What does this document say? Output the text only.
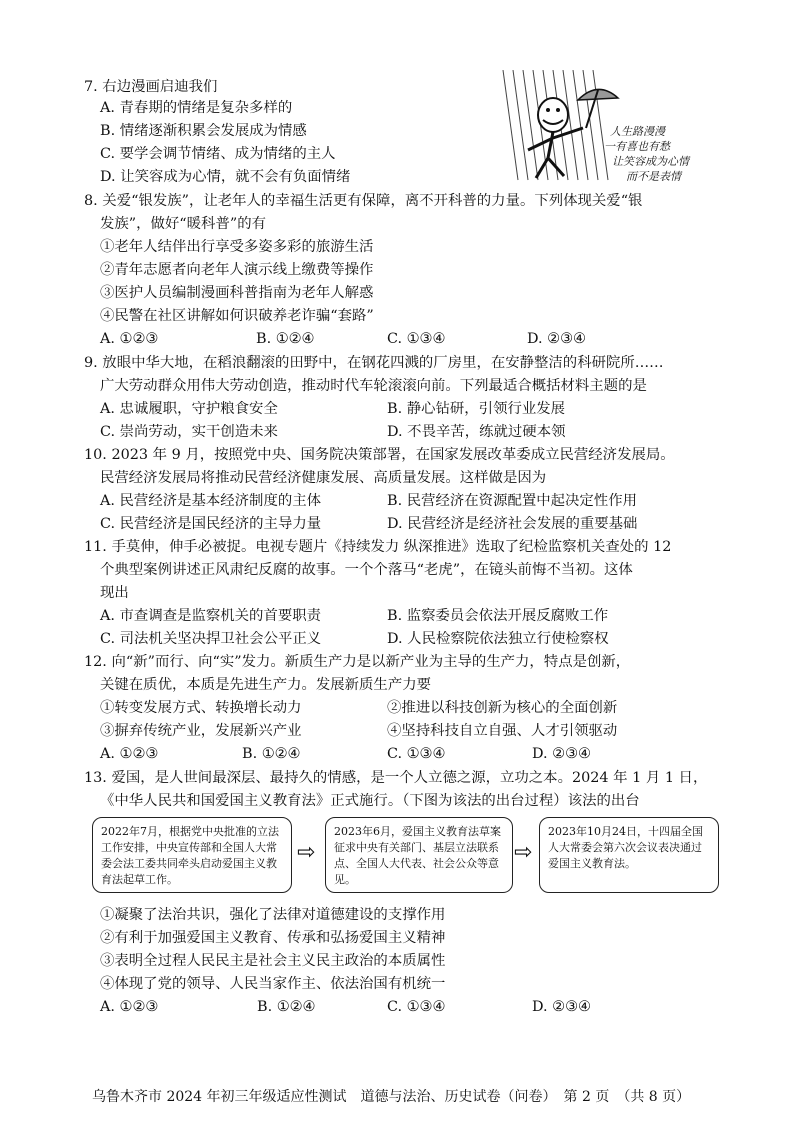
7. 右边漫画启迪我们
A. 青春期的情绪是复杂多样的
B. 情绪逐渐积累会发展成为情感
C. 要学会调节情绪、成为情绪的主人
D. 让笑容成为心情，就不会有负面情绪
人生路漫漫
一有喜也有愁
让笑容成为心情
而不是表情
8. 关爱“银发族”，让老年人的幸福生活更有保障，离不开科普的力量。下列体现关爱“银
发族”，做好“暖科普”的有
①老年人结伴出行享受多姿多彩的旅游生活
②青年志愿者向老年人演示线上缴费等操作
③医护人员编制漫画科普指南为老年人解惑
④民警在社区讲解如何识破养老诈骗“套路”
A. ①②③	B. ①②④	C. ①③④	D. ②③④
9. 放眼中华大地，在稻浪翻滚的田野中，在钢花四溅的厂房里，在安静整洁的科研院所……
广大劳动群众用伟大劳动创造，推动时代车轮滚滚向前。下列最适合概括材料主题的是
A. 忠诚履职，守护粮食安全	B. 静心钻研，引领行业发展
C. 崇尚劳动，实干创造未来	D. 不畏辛苦，练就过硬本领
10. 2023 年 9 月，按照党中央、国务院决策部署，在国家发展改革委成立民营经济发展局。
民营经济发展局将推动民营经济健康发展、高质量发展。这样做是因为
A. 民营经济是基本经济制度的主体	B. 民营经济在资源配置中起决定性作用
C. 民营经济是国民经济的主导力量	D. 民营经济是经济社会发展的重要基础
11. 手莫伸，伸手必被捉。电视专题片《持续发力 纵深推进》选取了纪检监察机关查处的 12
个典型案例讲述正风肃纪反腐的故事。一个个落马“老虎”，在镜头前悔不当初。这体
现出
A. 市查调查是监察机关的首要职责	B. 监察委员会依法开展反腐败工作
C. 司法机关坚决捍卫社会公平正义	D. 人民检察院依法独立行使检察权
12. 向“新”而行、向“实”发力。新质生产力是以新产业为主导的生产力，特点是创新，
关键在质优，本质是先进生产力。发展新质生产力要
①转变发展方式、转换增长动力	②推进以科技创新为核心的全面创新
③摒弃传统产业，发展新兴产业	④坚持科技自立自强、人才引领驱动
A. ①②③	B. ①②④	C. ①③④	D. ②③④
13. 爱国，是人世间最深层、最持久的情感，是一个人立德之源，立功之本。2024 年 1 月 1 日，
《中华人民共和国爱国主义教育法》正式施行。（下图为该法的出台过程）该法的出台
2022年7月，根据党中央批准的立法工作安排，中央宣传部和全国人大常委会法工委共同牵头启动爱国主义教育法起草工作。
⇨
2023年6月，爱国主义教育法草案征求中央有关部门、基层立法联系点、全国人大代表、社会公众等意见。
⇨
2023年10月24日，十四届全国人大常委会第六次会议表决通过爱国主义教育法。
①凝聚了法治共识，强化了法律对道德建设的支撑作用
②有利于加强爱国主义教育、传承和弘扬爱国主义精神
③表明全过程人民民主是社会主义民主政治的本质属性
④体现了党的领导、人民当家作主、依法治国有机统一
A. ①②③	B. ①②④	C. ①③④	D. ②③④
乌鲁木齐市 2024 年初三年级适应性测试　道德与法治、历史试卷（问卷）　第 2 页　（共 8 页）
